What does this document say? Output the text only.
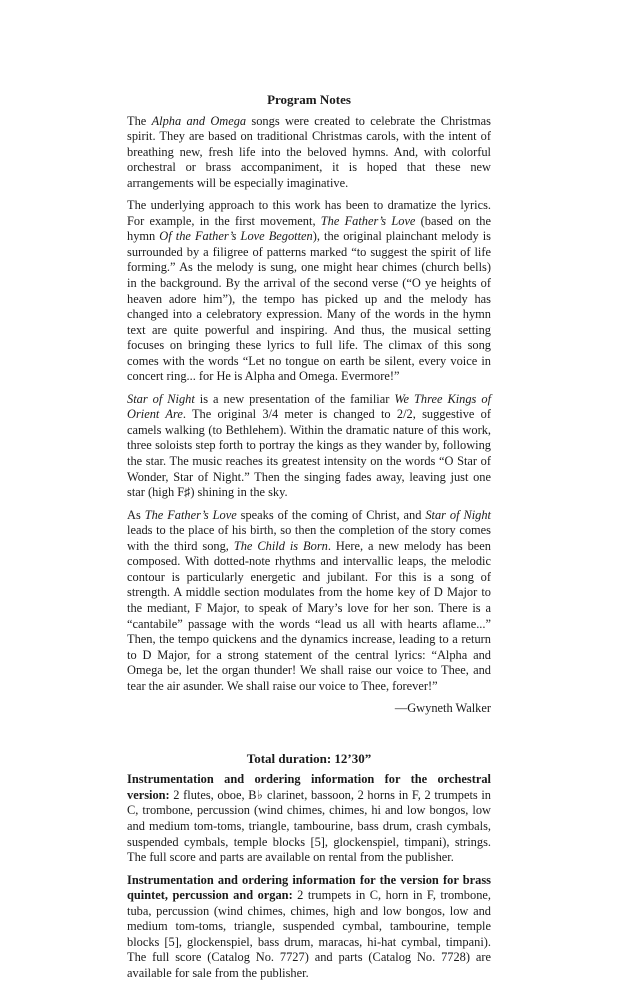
Program Notes

The Alpha and Omega songs were created to celebrate the Christmas spirit. They are based on traditional Christmas carols, with the intent of breathing new, fresh life into the beloved hymns. And, with colorful orchestral or brass accompaniment, it is hoped that these new arrangements will be especially imaginative.

The underlying approach to this work has been to dramatize the lyrics. For example, in the first movement, The Father’s Love (based on the hymn Of the Father’s Love Begotten), the original plainchant melody is surrounded by a filigree of patterns marked “to suggest the spirit of life forming.” As the melody is sung, one might hear chimes (church bells) in the background. By the arrival of the second verse (“O ye heights of heaven adore him”), the tempo has picked up and the melody has changed into a celebratory expression. Many of the words in the hymn text are quite powerful and inspiring. And thus, the musical setting focuses on bringing these lyrics to full life. The climax of this song comes with the words “Let no tongue on earth be silent, every voice in concert ring... for He is Alpha and Omega. Evermore!”

Star of Night is a new presentation of the familiar We Three Kings of Orient Are. The original 3/4 meter is changed to 2/2, suggestive of camels walking (to Bethlehem). Within the dramatic nature of this work, three soloists step forth to portray the kings as they wander by, following the star. The music reaches its greatest intensity on the words “O Star of Wonder, Star of Night.” Then the singing fades away, leaving just one star (high F♯) shining in the sky.

As The Father’s Love speaks of the coming of Christ, and Star of Night leads to the place of his birth, so then the completion of the story comes with the third song, The Child is Born. Here, a new melody has been composed. With dotted-note rhythms and intervallic leaps, the melodic contour is particularly energetic and jubilant. For this is a song of strength. A middle section modulates from the home key of D Major to the mediant, F Major, to speak of Mary’s love for her son. There is a “cantabile” passage with the words “lead us all with hearts aflame...” Then, the tempo quickens and the dynamics increase, leading to a return to D Major, for a strong statement of the central lyrics: “Alpha and Omega be, let the organ thunder! We shall raise our voice to Thee, and tear the air asunder. We shall raise our voice to Thee, forever!”

—Gwyneth Walker
Total duration: 12’30”

Instrumentation and ordering information for the orchestral version: 2 flutes, oboe, B♭ clarinet, bassoon, 2 horns in F, 2 trumpets in C, trombone, percussion (wind chimes, chimes, hi and low bongos, low and medium tom-toms, triangle, tambourine, bass drum, crash cymbals, suspended cymbals, temple blocks [5], glockenspiel, timpani), strings. The full score and parts are available on rental from the publisher.

Instrumentation and ordering information for the version for brass quintet, percussion and organ: 2 trumpets in C, horn in F, trombone, tuba, percussion (wind chimes, chimes, high and low bongos, low and medium tom-toms, triangle, suspended cymbal, tambourine, temple blocks [5], glockenspiel, bass drum, maracas, hi-hat cymbal, timpani). The full score (Catalog No. 7727) and parts (Catalog No. 7728) are available for sale from the publisher.
